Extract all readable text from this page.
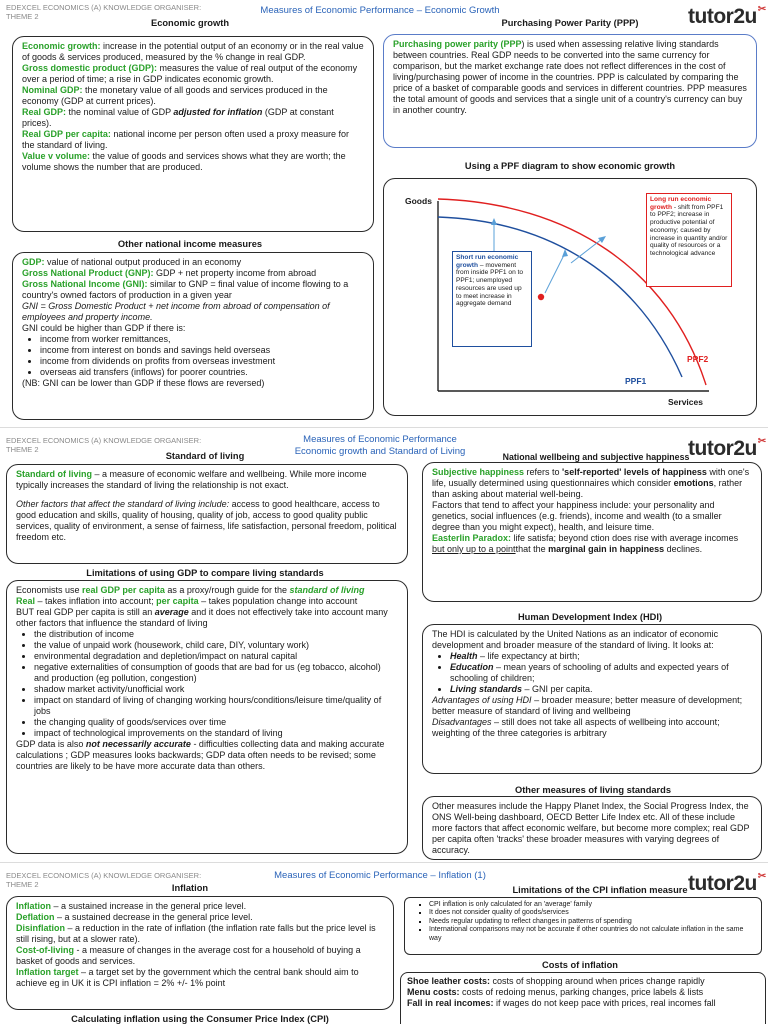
EDEXCEL ECONOMICS (A) KNOWLEDGE ORGANISER:
THEME 2
Measures of Economic Performance – Economic Growth	tutor2u✂
Economic growth

Economic growth: increase in the potential output of an economy or in the real value of goods & services produced, measured by the % change in real GDP.

Gross domestic product (GDP): measures the value of real output of the economy over a period of time; a rise in GDP indicates economic growth.

Nominal GDP: the monetary value of all goods and services produced in the economy (GDP at current prices).

Real GDP: the nominal value of GDP adjusted for inflation (GDP at constant prices).

Real GDP per capita: national income per person often used a proxy measure for the standard of living.

Value v volume: the value of goods and services shows what they are worth; the volume shows the number that are produced.

Other national income measures

GDP: value of national output produced in an economy

Gross National Product (GNP): GDP + net property income from abroad

Gross National Income (GNI): similar to GNP = final value of income flowing to a country's owned factors of production in a given year

GNI = Gross Domestic Product + net income from abroad of compensation of employees and property income.

GNI could be higher than GDP if there is:

• income from worker remittances,
• income from interest on bonds and savings held overseas
• income from dividends on profits from overseas investment
• overseas aid transfers (inflows) for poorer countries.

(NB: GNI can be lower than GDP if these flows are reversed)

Purchasing Power Parity (PPP)

Purchasing power parity (PPP) is used when assessing relative living standards between countries. Real GDP needs to be converted into the same currency for comparison, but the market exchange rate does not reflect differences in the cost of living/purchasing power of income in the countries. PPP is calculated by comparing the price of a basket of comparable goods and services in different countries. PPP measures the total amount of goods and services that a single unit of a country's currency can buy in another country.

Using a PPF diagram to show economic growth
Goods
Services
PPF1
PPF2
Short run economic growth – movement from inside PPF1 on to PPF1; unemployed resources are used up to meet increase in aggregate demand
Long run economic growth - shift from PPF1 to PPF2; increase in productive potential of economy; caused by increase in quantity and/or quality of resources or a technological advance
EDEXCEL ECONOMICS (A) KNOWLEDGE ORGANISER:
THEME 2
Measures of Economic Performance
Economic growth and Standard of Living	tutor2u✂
Standard of living

Standard of living – a measure of economic welfare and wellbeing. While more income typically increases the standard of living the relationship is not exact.

Other factors that affect the standard of living include: access to good healthcare, access to good education and skills, quality of housing, quality of job, access to good quality public services, quality of environment, a sense of fairness, life satisfaction, personal freedom, political freedom etc.

Limitations of using GDP to compare living standards

Economists use real GDP per capita as a proxy/rough guide for the standard of living

Real – takes inflation into account; per capita – takes population change into account

BUT real GDP per capita is still an average and it does not effectively take into account many other factors that influence the standard of living

• the distribution of income
• the value of unpaid work (housework, child care, DIY, voluntary work)
• environmental degradation and depletion/impact on natural capital
• negative externalities of consumption of goods that are bad for us (eg tobacco, alcohol) and production (eg pollution, congestion)
• shadow market activity/unofficial work
• impact on standard of living of changing working hours/conditions/leisure time/quality of jobs
• the changing quality of goods/services over time
• impact of technological improvements on the standard of living

GDP data is also not necessarily accurate - difficulties collecting data and making accurate calculations ; GDP measures looks backwards; GDP data often needs to be revised; some countries are likely to be have more accurate data than others.

National wellbeing and subjective happiness

Subjective happiness refers to 'self-reported' levels of happiness with one's life, usually determined using questionnaires which consider emotions, rather than asking about material well-being.

Factors that tend to affect your happiness include: your personality and genetics, social influences (e.g. friends), income and wealth (to a smaller degree than you might expect), health, and leisure time.

Easterlin Paradox: life satisfa; beyond ction does rise with average incomes but only up to a pointthat the marginal gain in happiness declines.

Human Development Index (HDI)

The HDI is calculated by the United Nations as an indicator of economic development and broader measure of the standard of living. It looks at:

• Health – life expectancy at birth;
• Education – mean years of schooling of adults and expected years of schooling of children;
• Living standards – GNI per capita.

Advantages of using HDI – broader measure; better measure of development; better measure of standard of living and wellbeing

Disadvantages – still does not take all aspects of wellbeing into account; weighting of the three categories is arbitrary

Other measures of living standards

Other measures include the Happy Planet Index, the Social Progress Index, the ONS Well-being dashboard, OECD Better Life Index etc. All of these include more factors that affect economic welfare, but become more complex; real GDP per capita often 'tracks' these broader measures with varying degrees of accuracy.

EDEXCEL ECONOMICS (A) KNOWLEDGE ORGANISER:
THEME 2
Measures of Economic Performance – Inflation (1)	tutor2u✂
Inflation

Inflation – a sustained increase in the general price level.

Deflation – a sustained decrease in the general price level.

Disinflation – a reduction in the rate of inflation (the inflation rate falls but the price level is still rising, but at a slower rate).

Cost-of-living - a measure of changes in the average cost for a household of buying a basket of goods and services.

Inflation target – a target set by the government which the central bank should aim to achieve eg in UK it is CPI inflation = 2% +/- 1% point

Calculating inflation using the Consumer Price Index (CPI)
Limitations of the CPI inflation measure
▪ CPI inflation is only calculated for an 'average' family
▪ It does not consider quality of goods/services
▪ Needs regular updating to reflect changes in patterns of spending
▪ International comparisons may not be accurate if other countries do not calculate inflation in the same way
Costs of inflation

Shoe leather costs: costs of shopping around when prices change rapidly

Menu costs: costs of redoing menus, parking changes, price labels & lists

Fall in real incomes: if wages do not keep pace with prices, real incomes fall
